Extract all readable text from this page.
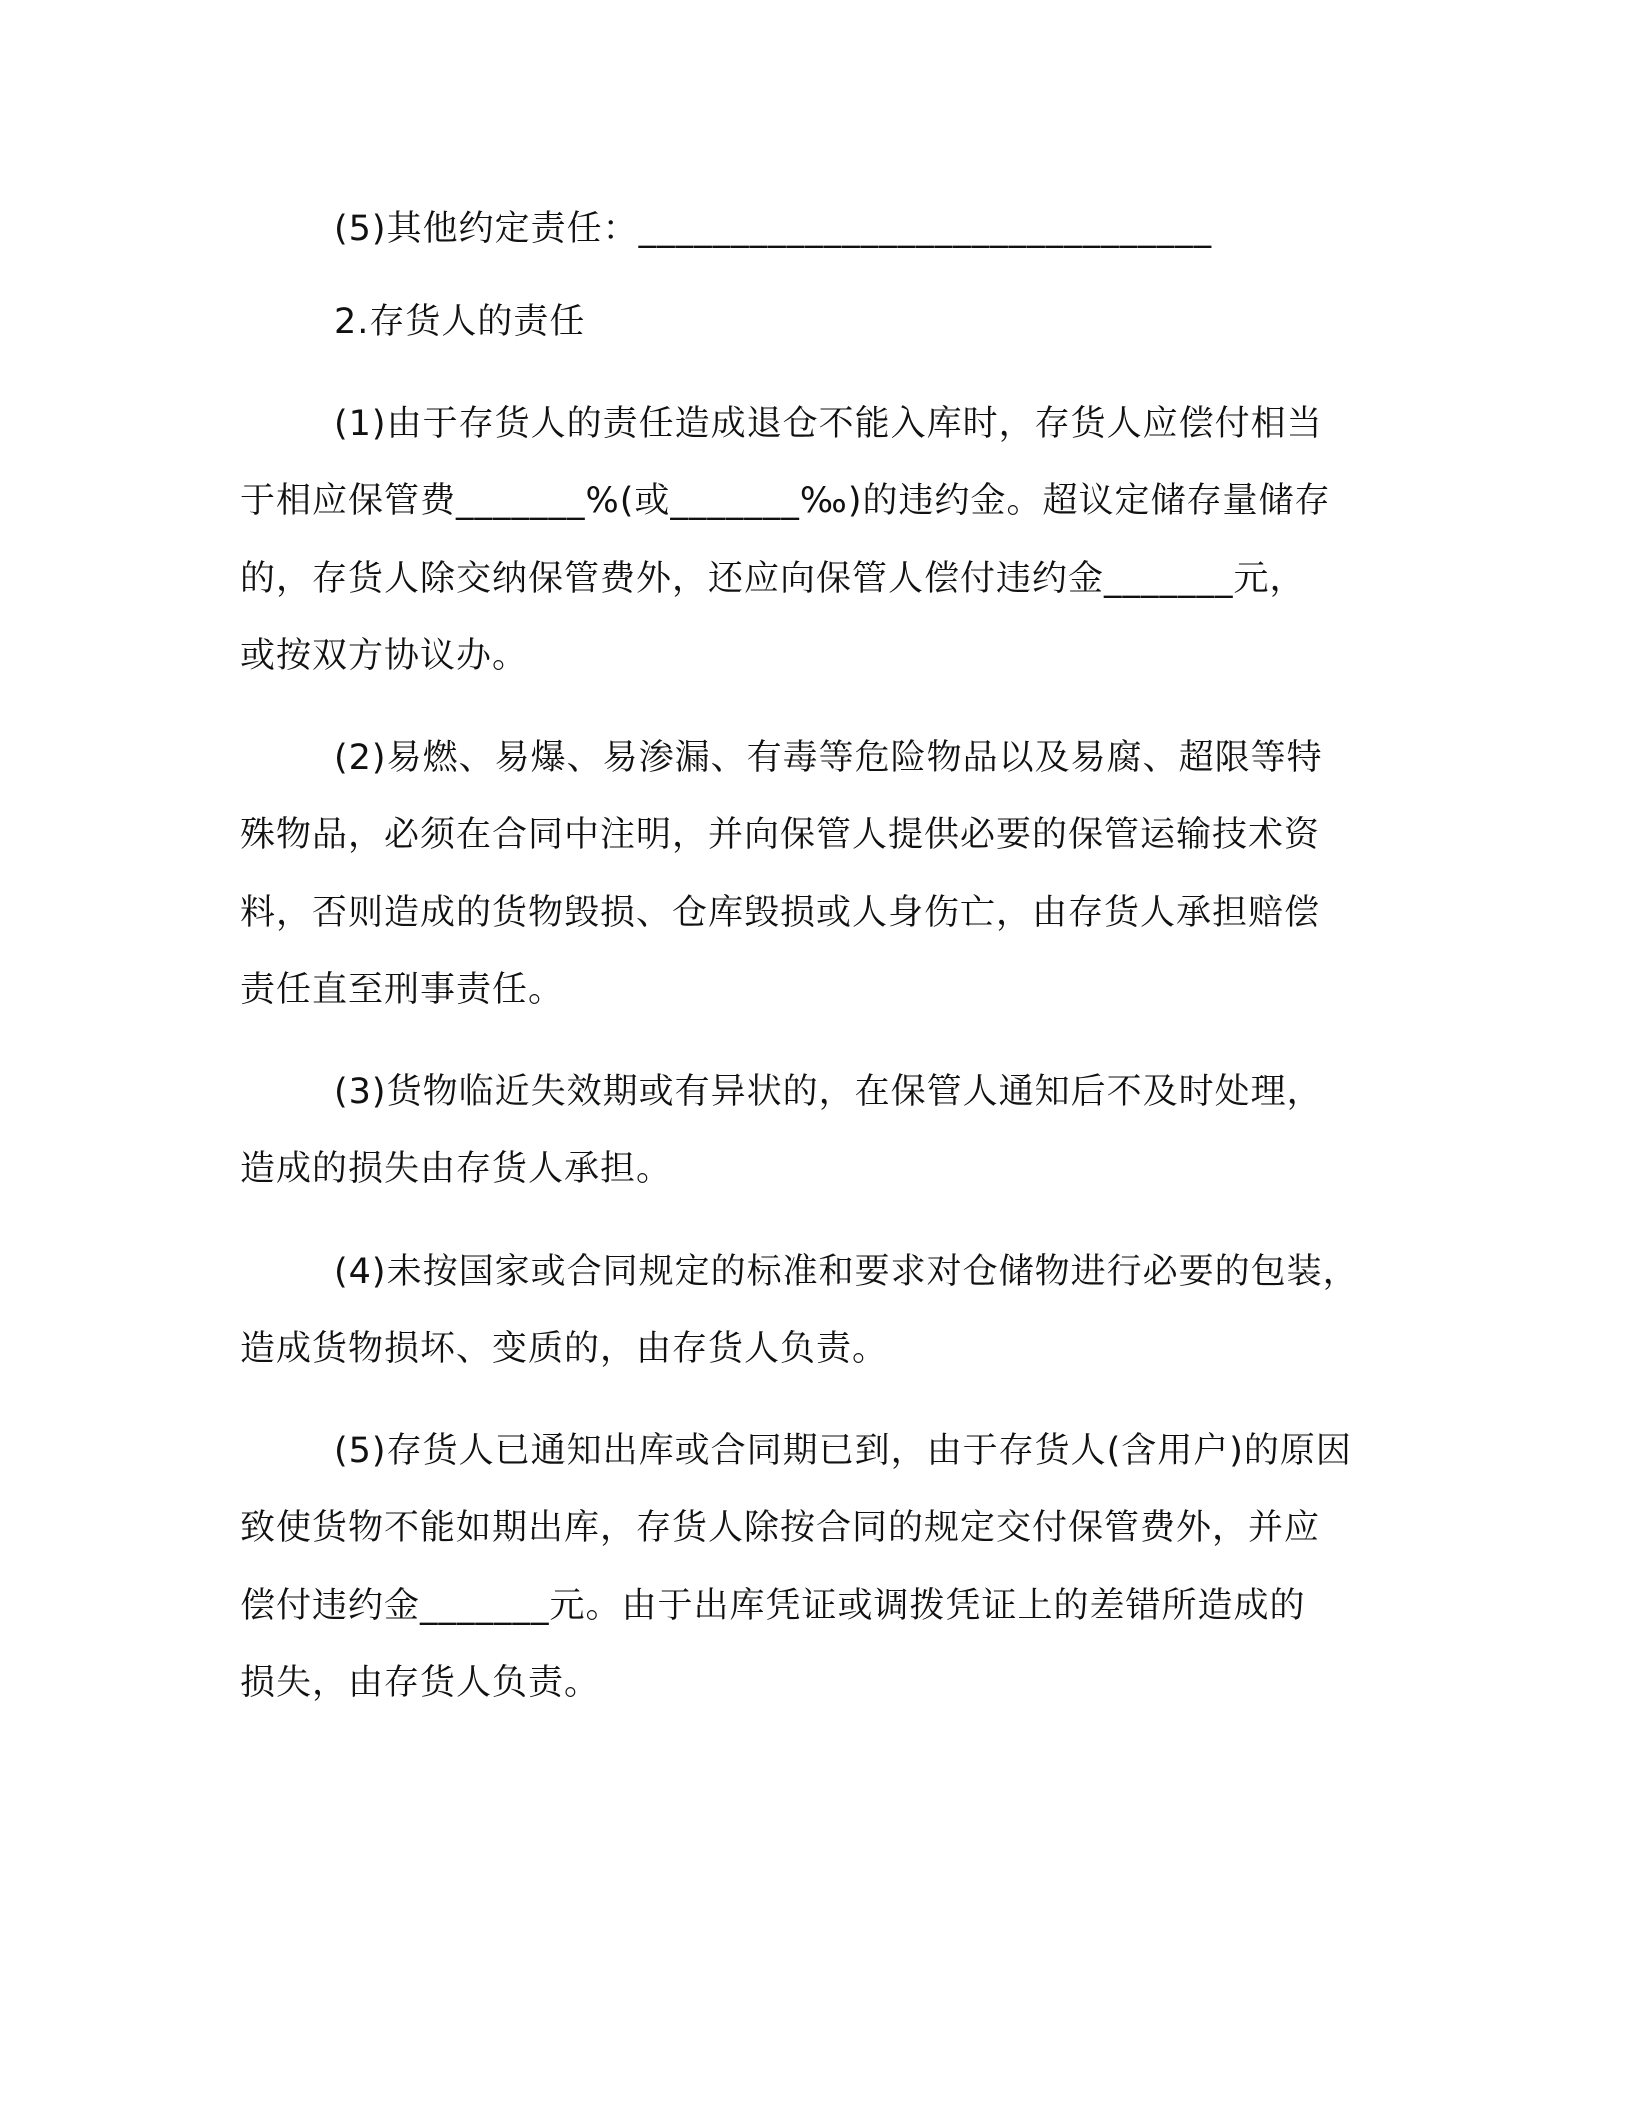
(5)其他约定责任：_______________________________
2.存货人的责任
(1)由于存货人的责任造成退仓不能入库时，存货人应偿付相当
于相应保管费_______%(或_______‰)的违约金。超议定储存量储存
的，存货人除交纳保管费外，还应向保管人偿付违约金_______元，
或按双方协议办。
(2)易燃、易爆、易渗漏、有毒等危险物品以及易腐、超限等特
殊物品，必须在合同中注明，并向保管人提供必要的保管运输技术资
料，否则造成的货物毁损、仓库毁损或人身伤亡，由存货人承担赔偿
责任直至刑事责任。
(3)货物临近失效期或有异状的，在保管人通知后不及时处理，
造成的损失由存货人承担。
(4)未按国家或合同规定的标准和要求对仓储物进行必要的包装，
造成货物损坏、变质的，由存货人负责。
(5)存货人已通知出库或合同期已到，由于存货人(含用户)的原因
致使货物不能如期出库，存货人除按合同的规定交付保管费外，并应
偿付违约金_______元。由于出库凭证或调拨凭证上的差错所造成的
损失，由存货人负责。
